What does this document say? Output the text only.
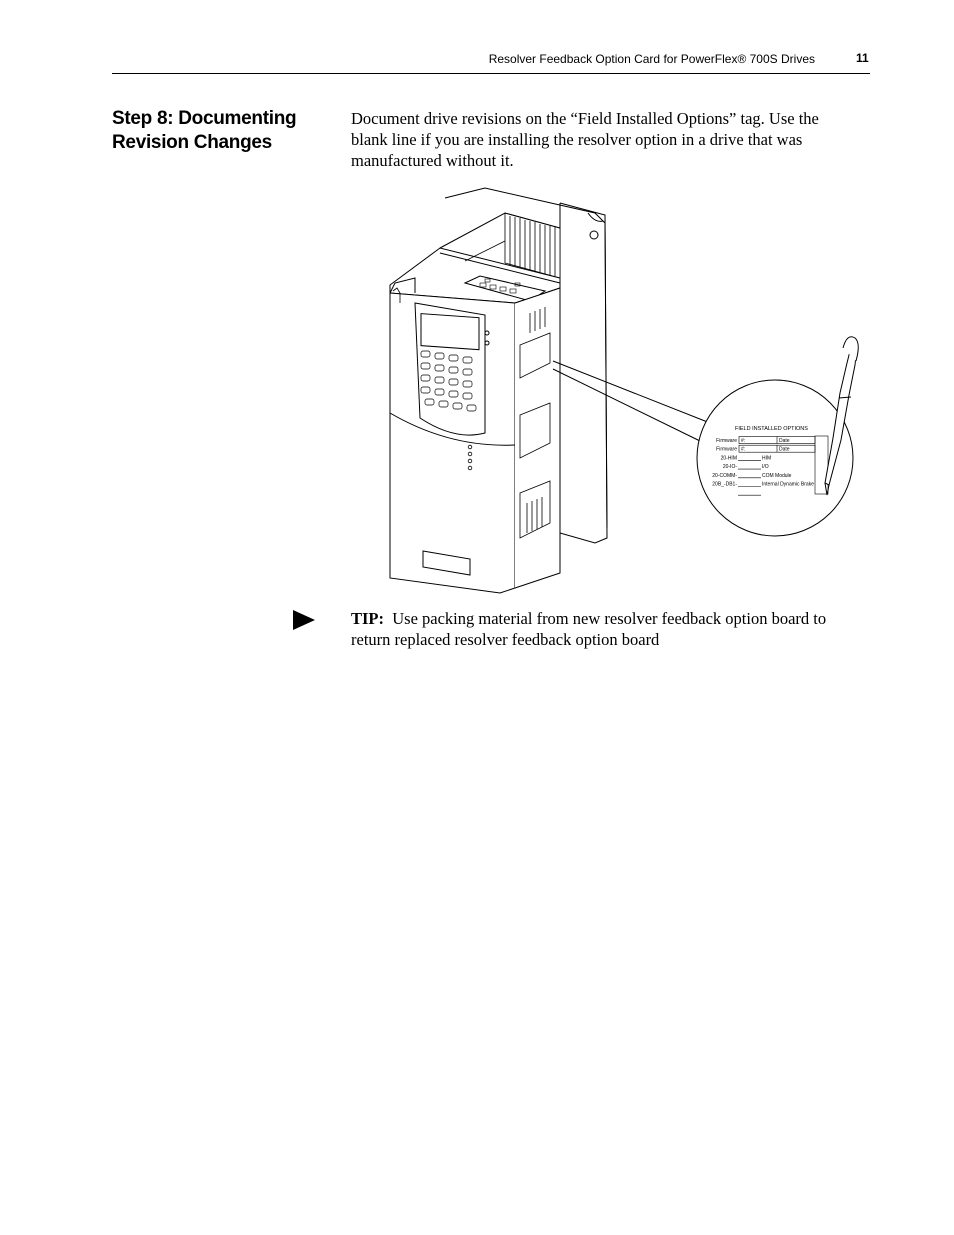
Resolver Feedback Option Card for PowerFlex® 700S Drives	11
Step 8: Documenting
Revision Changes
Document drive revisions on the “Field Installed Options” tag. Use the blank line if you are installing the resolver option in a drive that was manufactured without it.
FIELD INSTALLED OPTIONS
Firmware #:	Date
Firmware #:	Date
20-HIM	HIM
20-IO-	I/O
20-COMM-	COM Module
20B_-DB1-	Internal Dynamic Brake
TIP: Use packing material from new resolver feedback option board to return replaced resolver feedback option board
